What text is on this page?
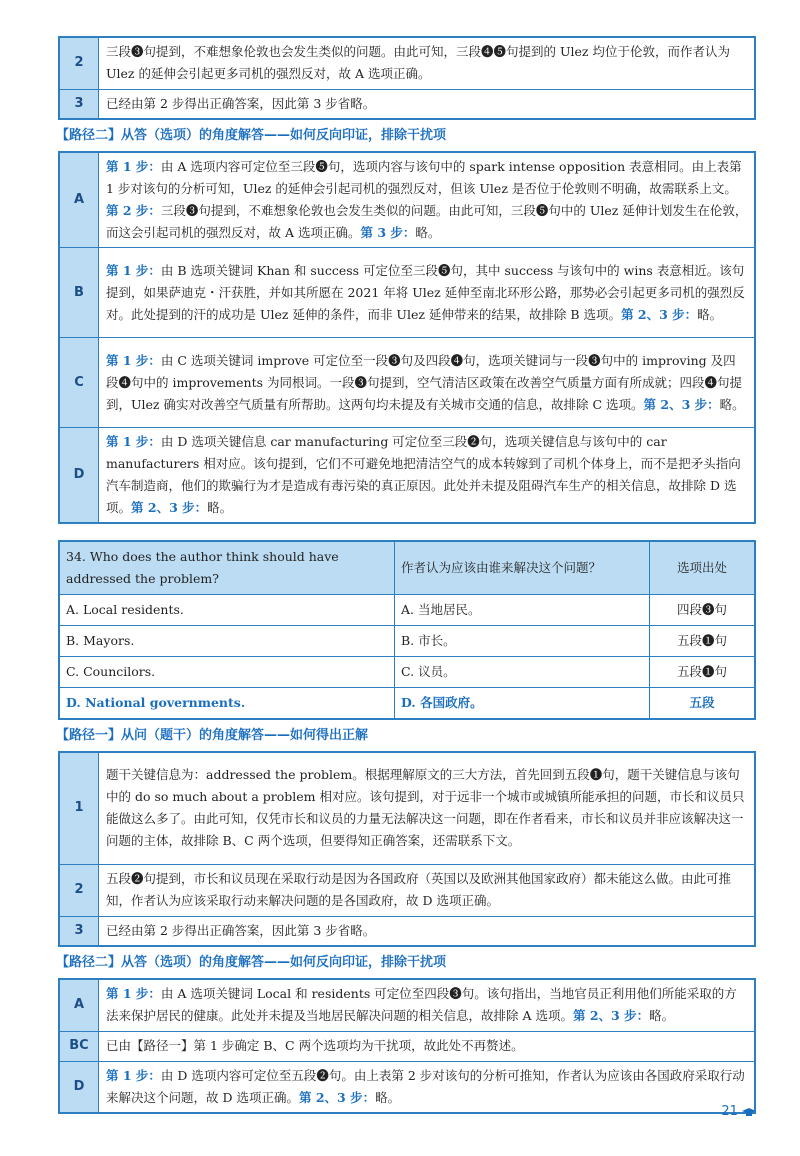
2	三段❸句提到，不难想象伦敦也会发生类似的问题。由此可知，三段❹❺句提到的 Ulez 均位于伦敦，而作者认为 Ulez 的延伸会引起更多司机的强烈反对，故 A 选项正确。
3	已经由第 2 步得出正确答案，因此第 3 步省略。
【路径二】从答（选项）的角度解答——如何反向印证，排除干扰项
A	第 1 步：由 A 选项内容可定位至三段❺句，选项内容与该句中的 spark intense opposition 表意相同。由上表第 1 步对该句的分析可知，Ulez 的延伸会引起司机的强烈反对，但该 Ulez 是否位于伦敦则不明确，故需联系上文。第 2 步：三段❸句提到，不难想象伦敦也会发生类似的问题。由此可知，三段❺句中的 Ulez 延伸计划发生在伦敦，而这会引起司机的强烈反对，故 A 选项正确。第 3 步：略。
B	第 1 步：由 B 选项关键词 Khan 和 success 可定位至三段❺句，其中 success 与该句中的 wins 表意相近。该句提到，如果萨迪克・汗获胜，并如其所愿在 2021 年将 Ulez 延伸至南北环形公路，那势必会引起更多司机的强烈反对。此处提到的汗的成功是 Ulez 延伸的条件，而非 Ulez 延伸带来的结果，故排除 B 选项。第 2、3 步：略。
C	第 1 步：由 C 选项关键词 improve 可定位至一段❸句及四段❹句，选项关键词与一段❸句中的 improving 及四段❹句中的 improvements 为同根词。一段❸句提到，空气清洁区政策在改善空气质量方面有所成就；四段❹句提到，Ulez 确实对改善空气质量有所帮助。这两句均未提及有关城市交通的信息，故排除 C 选项。第 2、3 步：略。
D	第 1 步：由 D 选项关键信息 car manufacturing 可定位至三段❷句，选项关键信息与该句中的 car manufacturers 相对应。该句提到，它们不可避免地把清洁空气的成本转嫁到了司机个体身上，而不是把矛头指向汽车制造商，他们的欺骗行为才是造成有毒污染的真正原因。此处并未提及阻碍汽车生产的相关信息，故排除 D 选项。第 2、3 步：略。
34. Who does the author think should have addressed the problem?	作者认为应该由谁来解决这个问题？	选项出处
A. Local residents.	A. 当地居民。	四段❸句
B. Mayors.	B. 市长。	五段❶句
C. Councilors.	C. 议员。	五段❶句
D. National governments.	D. 各国政府。	五段
【路径一】从问（题干）的角度解答——如何得出正解
1	题干关键信息为：addressed the problem。根据理解原文的三大方法，首先回到五段❶句，题干关键信息与该句中的 do so much about a problem 相对应。该句提到，对于远非一个城市或城镇所能承担的问题，市长和议员只能做这么多了。由此可知，仅凭市长和议员的力量无法解决这一问题，即在作者看来，市长和议员并非应该解决这一问题的主体，故排除 B、C 两个选项，但要得知正确答案，还需联系下文。
2	五段❷句提到，市长和议员现在采取行动是因为各国政府（英国以及欧洲其他国家政府）都未能这么做。由此可推知，作者认为应该采取行动来解决问题的是各国政府，故 D 选项正确。
3	已经由第 2 步得出正确答案，因此第 3 步省略。
【路径二】从答（选项）的角度解答——如何反向印证，排除干扰项
A	第 1 步：由 A 选项关键词 Local 和 residents 可定位至四段❸句。该句指出，当地官员正利用他们所能采取的方法来保护居民的健康。此处并未提及当地居民解决问题的相关信息，故排除 A 选项。第 2、3 步：略。
BC	已由【路径一】第 1 步确定 B、C 两个选项均为干扰项，故此处不再赘述。
D	第 1 步：由 D 选项内容可定位至五段❷句。由上表第 2 步对该句的分析可推知，作者认为应该由各国政府采取行动来解决这个问题，故 D 选项正确。第 2、3 步：略。
21
